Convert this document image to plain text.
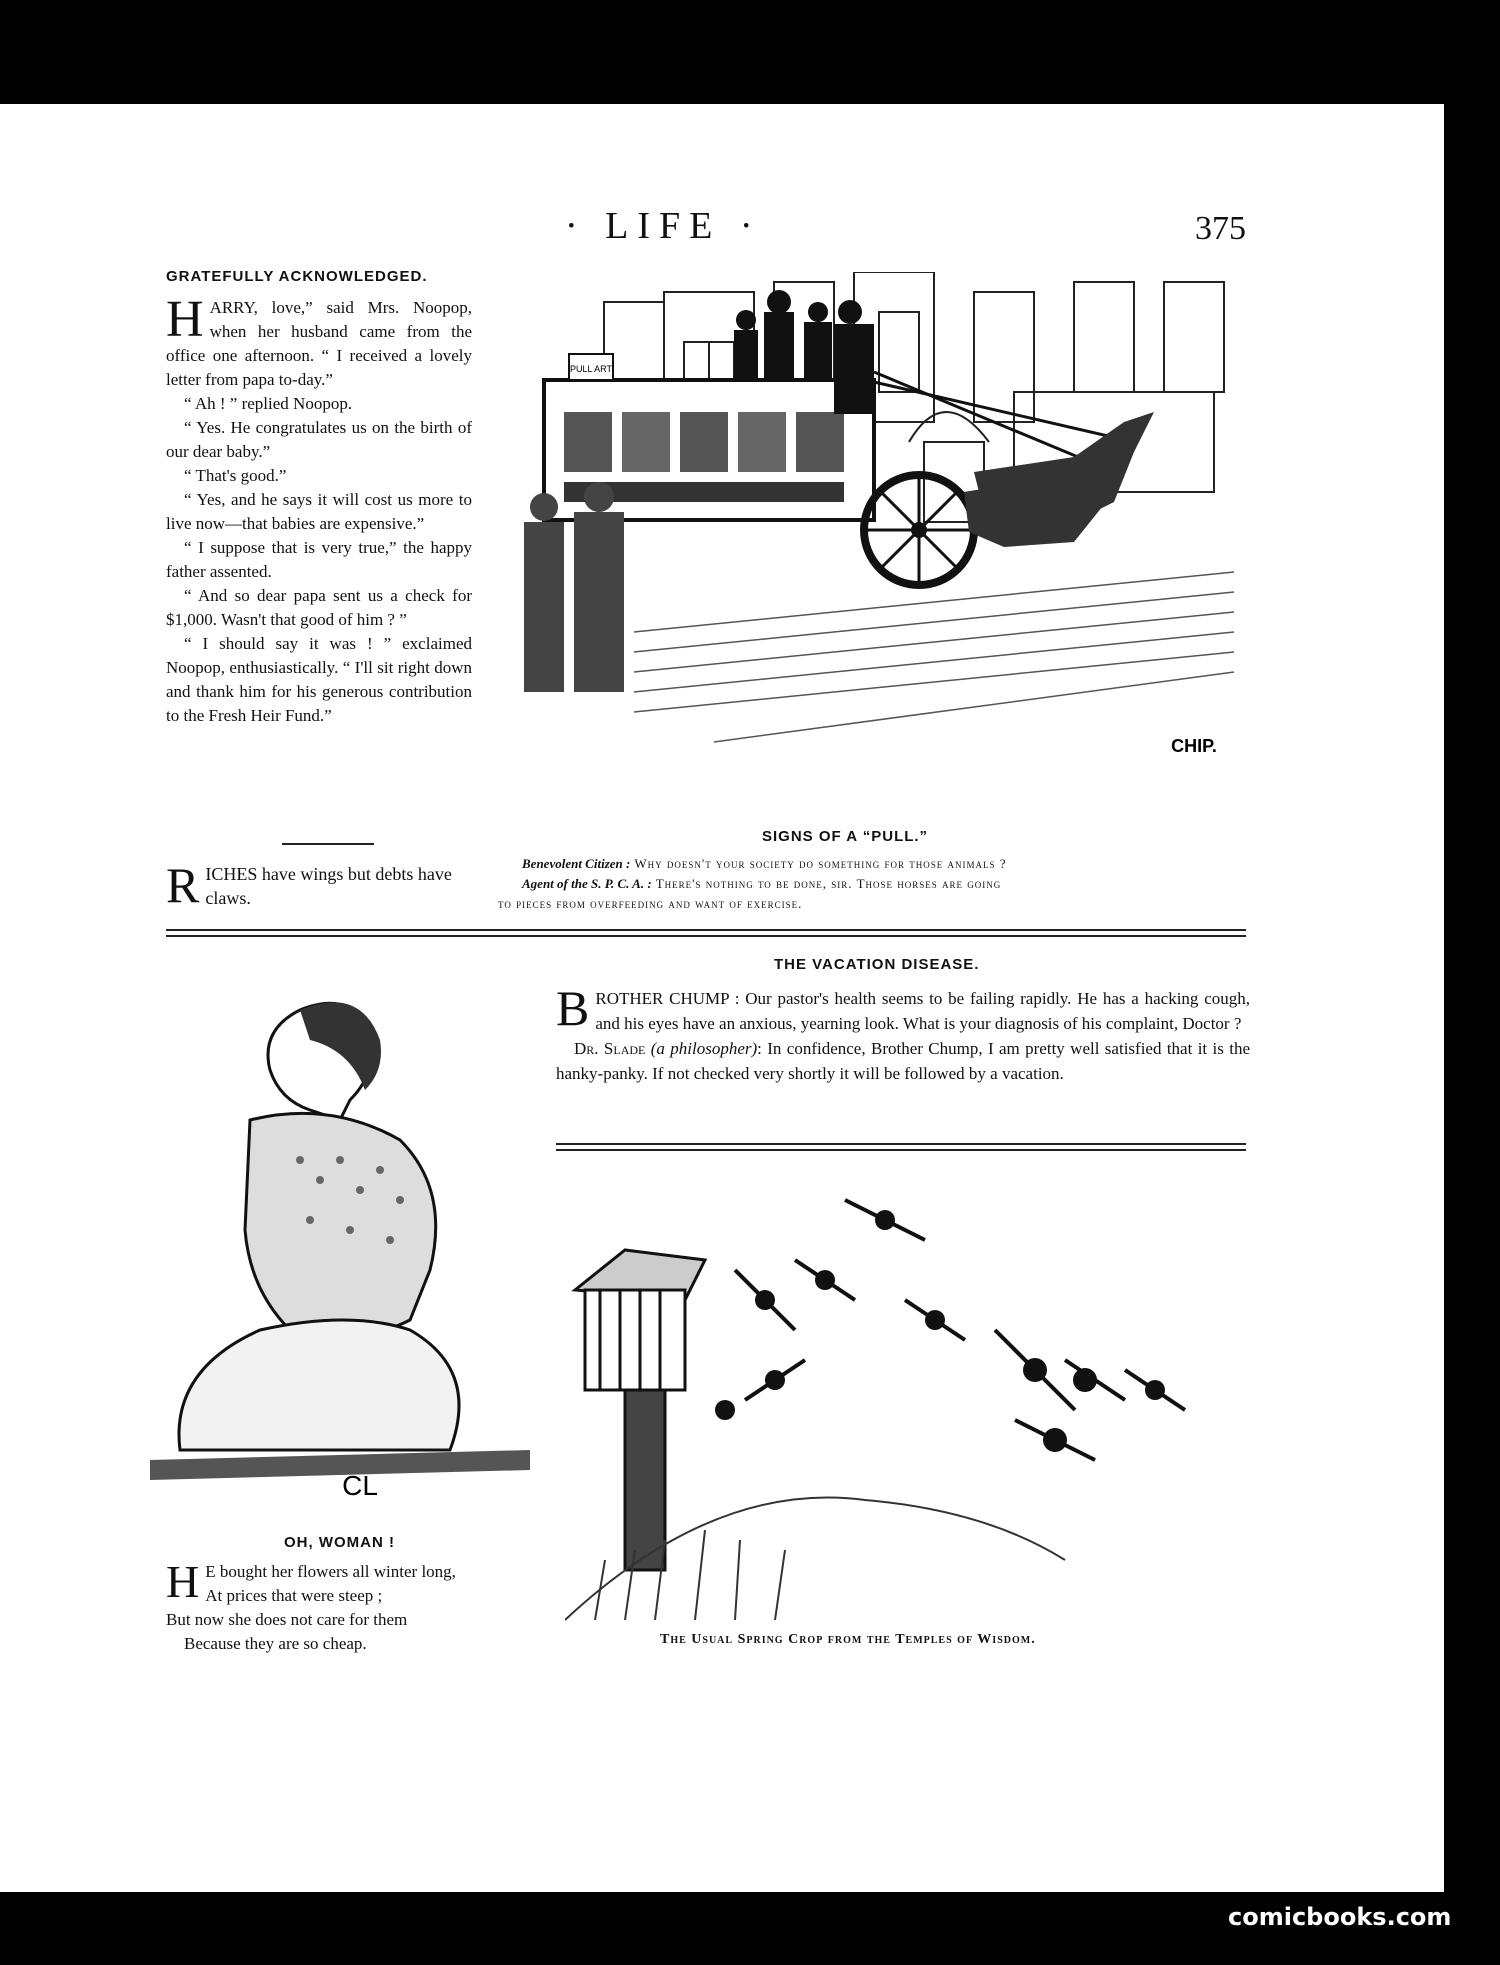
· LIFE ·	375
GRATEFULLY ACKNOWLEDGED.

HARRY, love,” said Mrs. Noopop, when her husband came from the office one afternoon. “ I received a lovely letter from papa to-day.”

“ Ah ! ” replied Noopop.

“ Yes. He congratulates us on the birth of our dear baby.”

“ That's good.”

“ Yes, and he says it will cost us more to live now—that babies are expensive.”

“ I suppose that is very true,” the happy father assented.

“ And so dear papa sent us a check for $1,000. Wasn't that good of him ? ”

“ I should say it was ! ” exclaimed Noopop, enthusiastically. “ I'll sit right down and thank him for his generous contribution to the Fresh Heir Fund.”

RICHES have wings but debts have claws.
PULL ART
CHIP.
SIGNS OF A “PULL.”
Benevolent Citizen : Why doesn't your society do something for those animals ?
Agent of the S. P. C. A. : There's nothing to be done, sir. Those horses are going
to pieces from overfeeding and want of exercise.
THE VACATION DISEASE.

BROTHER CHUMP : Our pastor's health seems to be failing rapidly. He has a hacking cough, and his eyes have an anxious, yearning look. What is your diagnosis of his complaint, Doctor ?

Dr. Slade (a philosopher): In confidence, Brother Chump, I am pretty well satisfied that it is the hanky-panky. If not checked very shortly it will be followed by a vacation.

CL
OH, WOMAN !
H E bought her flowers all winter long,
At prices that were steep ;
But now she does not care for them
Because they are so cheap.	The Usual Spring Crop from the Temples of Wisdom.
comicbooks.com
